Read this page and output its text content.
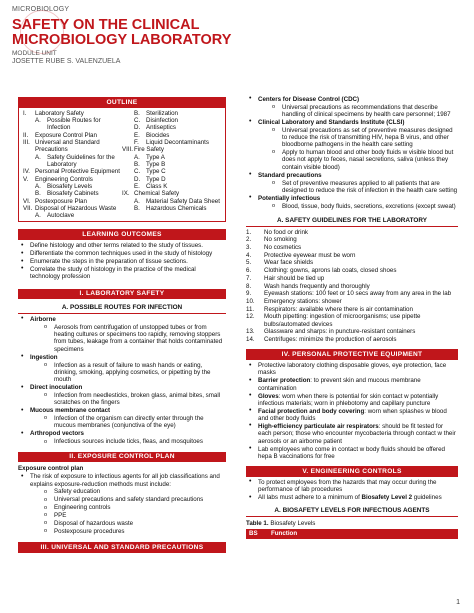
MICROBIOLOGY
SAFETY ON THE CLINICAL MICROBIOLOGY LABORATORY
MODULE UNIT
JOSETTE RUBE S. VALENZUELA
OUTLINE
I.	Laboratory Safety
A. Possible Routes for Infection
II.	Exposure Control Plan
III. Universal and Standard Precautions
A. Safety Guidelines for the Laboratory
IV. Personal Protective Equipment
V.	Engineering Controls
A. Biosafety Levels
B. Biosafety Cabinets
VI. Postexposure Plan
VII. Disposal of Hazardous Waste
A. Autoclave
B. Sterilization
C. Disinfection
D. Antiseptics
E. Biocides
F.	Liquid Decontaminants
VIII. Fire Safety
A. Type A
B. Type B
C. Type C
D. Type D
E. Class K
IX. Chemical Safety
A. Material Safety Data Sheet
B. Hazardous Chemicals
LEARNING OUTCOMES
• Define histology and other terms related to the study of tissues.
• Differentiate the common techniques used in the study of histology
• Enumerate the steps in the preparation of tissue sections.
• Correlate the study of histology in the practice of the medical technology profession
I. LABORATORY SAFETY
A. POSSIBLE ROUTES FOR INFECTION
• Airborne
o Aerosols from centrifugation of unstopped tubes or from heating cultures or specimens too rapidly, removing stoppers from tubes, leakage from a container that holds contaminated specimens
• Ingestion
o Infection as a result of failure to wash hands or eating, drinking, smoking, applying cosmetics, or pipetting by the mouth
• Direct inoculation
o Infection from needlesticks, broken glass, animal bites, small scratches on the fingers
• Mucous membrane contact
o Infection of the organism can directly enter through the mucous membranes (conjunctiva of the eye)
• Arthropod vectors
o Infectious sources include ticks, fleas, and mosquitoes
II. EXPOSURE CONTROL PLAN
Exposure control plan
• The risk of exposure to infectious agents for all job classifications and explains exposure-reduction methods must include:
o Safety education
o Universal precautions and safety standard precautions
o Engineering controls
o PPE
o Disposal of hazardous waste
o Postexposure procedures
III. UNIVERSAL AND STANDARD PRECAUTIONS
• Centers for Disease Control (CDC)
o Universal precautions as recommendations that describe handling of clinical specimens by health care personnel; 1987
• Clinical Laboratory and Standards Institute (CLSI)
o Universal precautions as set of preventive measures designed to reduce the risk of transmitting HIV, hepa B virus, and other bloodborne pathogens in the health care setting
o Apply to human blood and other body fluids w visible blood but does not apply to feces, nasal secretions, saliva (unless they contain visible blood)
• Standard precautions
o Set of preventive measures applied to all patients that are designed to reduce the risk of infection in the health care setting
• Potentially infectious
o Blood, tissue, body fluids, secretions, excretions (except sweat)
A. SAFETY GUIDELINES FOR THE LABORATORY
1.	No food or drink
2.	No smoking
3.	No cosmetics
4.	Protective eyewear must be worn
5.	Wear face shields
6.	Clothing: gowns, aprons lab coats, closed shoes
7.	Hair should be tied up
8.	Wash hands frequently and thoroughly
9.	Eyewash stations: 100 feet or 10 secs away from any area in the lab
10.	Emergency stations: shower
11.	Respirators: available where there is air contamination
12.	Mouth pipetting: ingestion of microorganisms; use pipette bulbs/automated devices
13.	Glassware and sharps: in puncture-resistant containers
14.	Centrifuges: minimize the production of aerosols
IV. PERSONAL PROTECTIVE EQUIPMENT
• Protective laboratory clothing disposable gloves, eye protection, face masks
• Barrier protection: to prevent skin and mucous membrane contamination
• Gloves: worn when there is potential for skin contact w potentially infectious materials; worn in phlebotomy and capillary puncture
• Facial protection and body covering: worn when splashes w blood and other body fluids
• High-efficiency particulate air respirators: should be fit tested for each person; those who encounter mycobacteria through contact w their aerosols or an airborne patient
• Lab employees who come in contact w body fluids should be offered hepa B vaccinations for free
V. ENGINEERING CONTROLS
• To protect employees from the hazards that may occur during the performance of lab procedures
• All labs must adhere to a minimum of Biosafety Level 2 guidelines
A. BIOSAFETY LEVELS FOR INFECTIOUS AGENTS
Table 1. Biosafety Levels
BS	Function
1
